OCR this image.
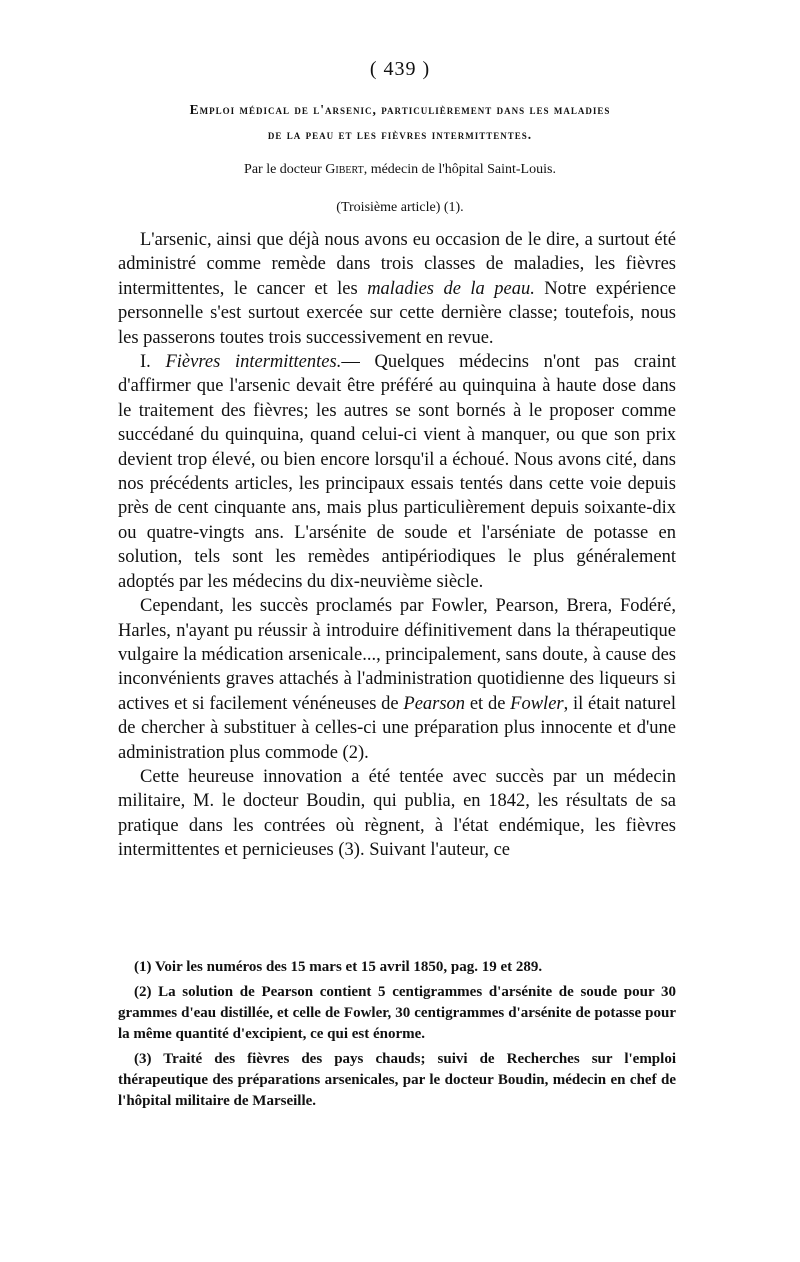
( 439 )
Emploi médical de l'arsenic, particulièrement dans les maladies
de la peau et les fièvres intermittentes.
Par le docteur Gibert, médecin de l'hôpital Saint-Louis.
(Troisième article) (1).

L'arsenic, ainsi que déjà nous avons eu occasion de le dire, a surtout été administré comme remède dans trois classes de maladies, les fièvres intermittentes, le cancer et les maladies de la peau. Notre expérience personnelle s'est surtout exercée sur cette dernière classe; toutefois, nous les passerons toutes trois successivement en revue.

I. Fièvres intermittentes.— Quelques médecins n'ont pas craint d'affirmer que l'arsenic devait être préféré au quinquina à haute dose dans le traitement des fièvres; les autres se sont bornés à le proposer comme succédané du quinquina, quand celui-ci vient à manquer, ou que son prix devient trop élevé, ou bien encore lorsqu'il a échoué. Nous avons cité, dans nos précédents articles, les principaux essais tentés dans cette voie depuis près de cent cinquante ans, mais plus particulièrement depuis soixante-dix ou quatre-vingts ans. L'arsénite de soude et l'arséniate de potasse en solution, tels sont les remèdes antipériodiques le plus généralement adoptés par les médecins du dix-neuvième siècle.

Cependant, les succès proclamés par Fowler, Pearson, Brera, Fodéré, Harles, n'ayant pu réussir à introduire définitivement dans la thérapeutique vulgaire la médication arsenicale..., principalement, sans doute, à cause des inconvénients graves attachés à l'administration quotidienne des liqueurs si actives et si facilement vénéneuses de Pearson et de Fowler, il était naturel de chercher à substituer à celles-ci une préparation plus innocente et d'une administration plus commode (2).

Cette heureuse innovation a été tentée avec succès par un médecin militaire, M. le docteur Boudin, qui publia, en 1842, les résultats de sa pratique dans les contrées où règnent, à l'état endémique, les fièvres intermittentes et pernicieuses (3). Suivant l'auteur, ce

(1) Voir les numéros des 15 mars et 15 avril 1850, pag. 19 et 289.

(2) La solution de Pearson contient 5 centigrammes d'arsénite de soude pour 30 grammes d'eau distillée, et celle de Fowler, 30 centigrammes d'arsénite de potasse pour la même quantité d'excipient, ce qui est énorme.

(3) Traité des fièvres des pays chauds; suivi de Recherches sur l'emploi thérapeutique des préparations arsenicales, par le docteur Boudin, médecin en chef de l'hôpital militaire de Marseille.
